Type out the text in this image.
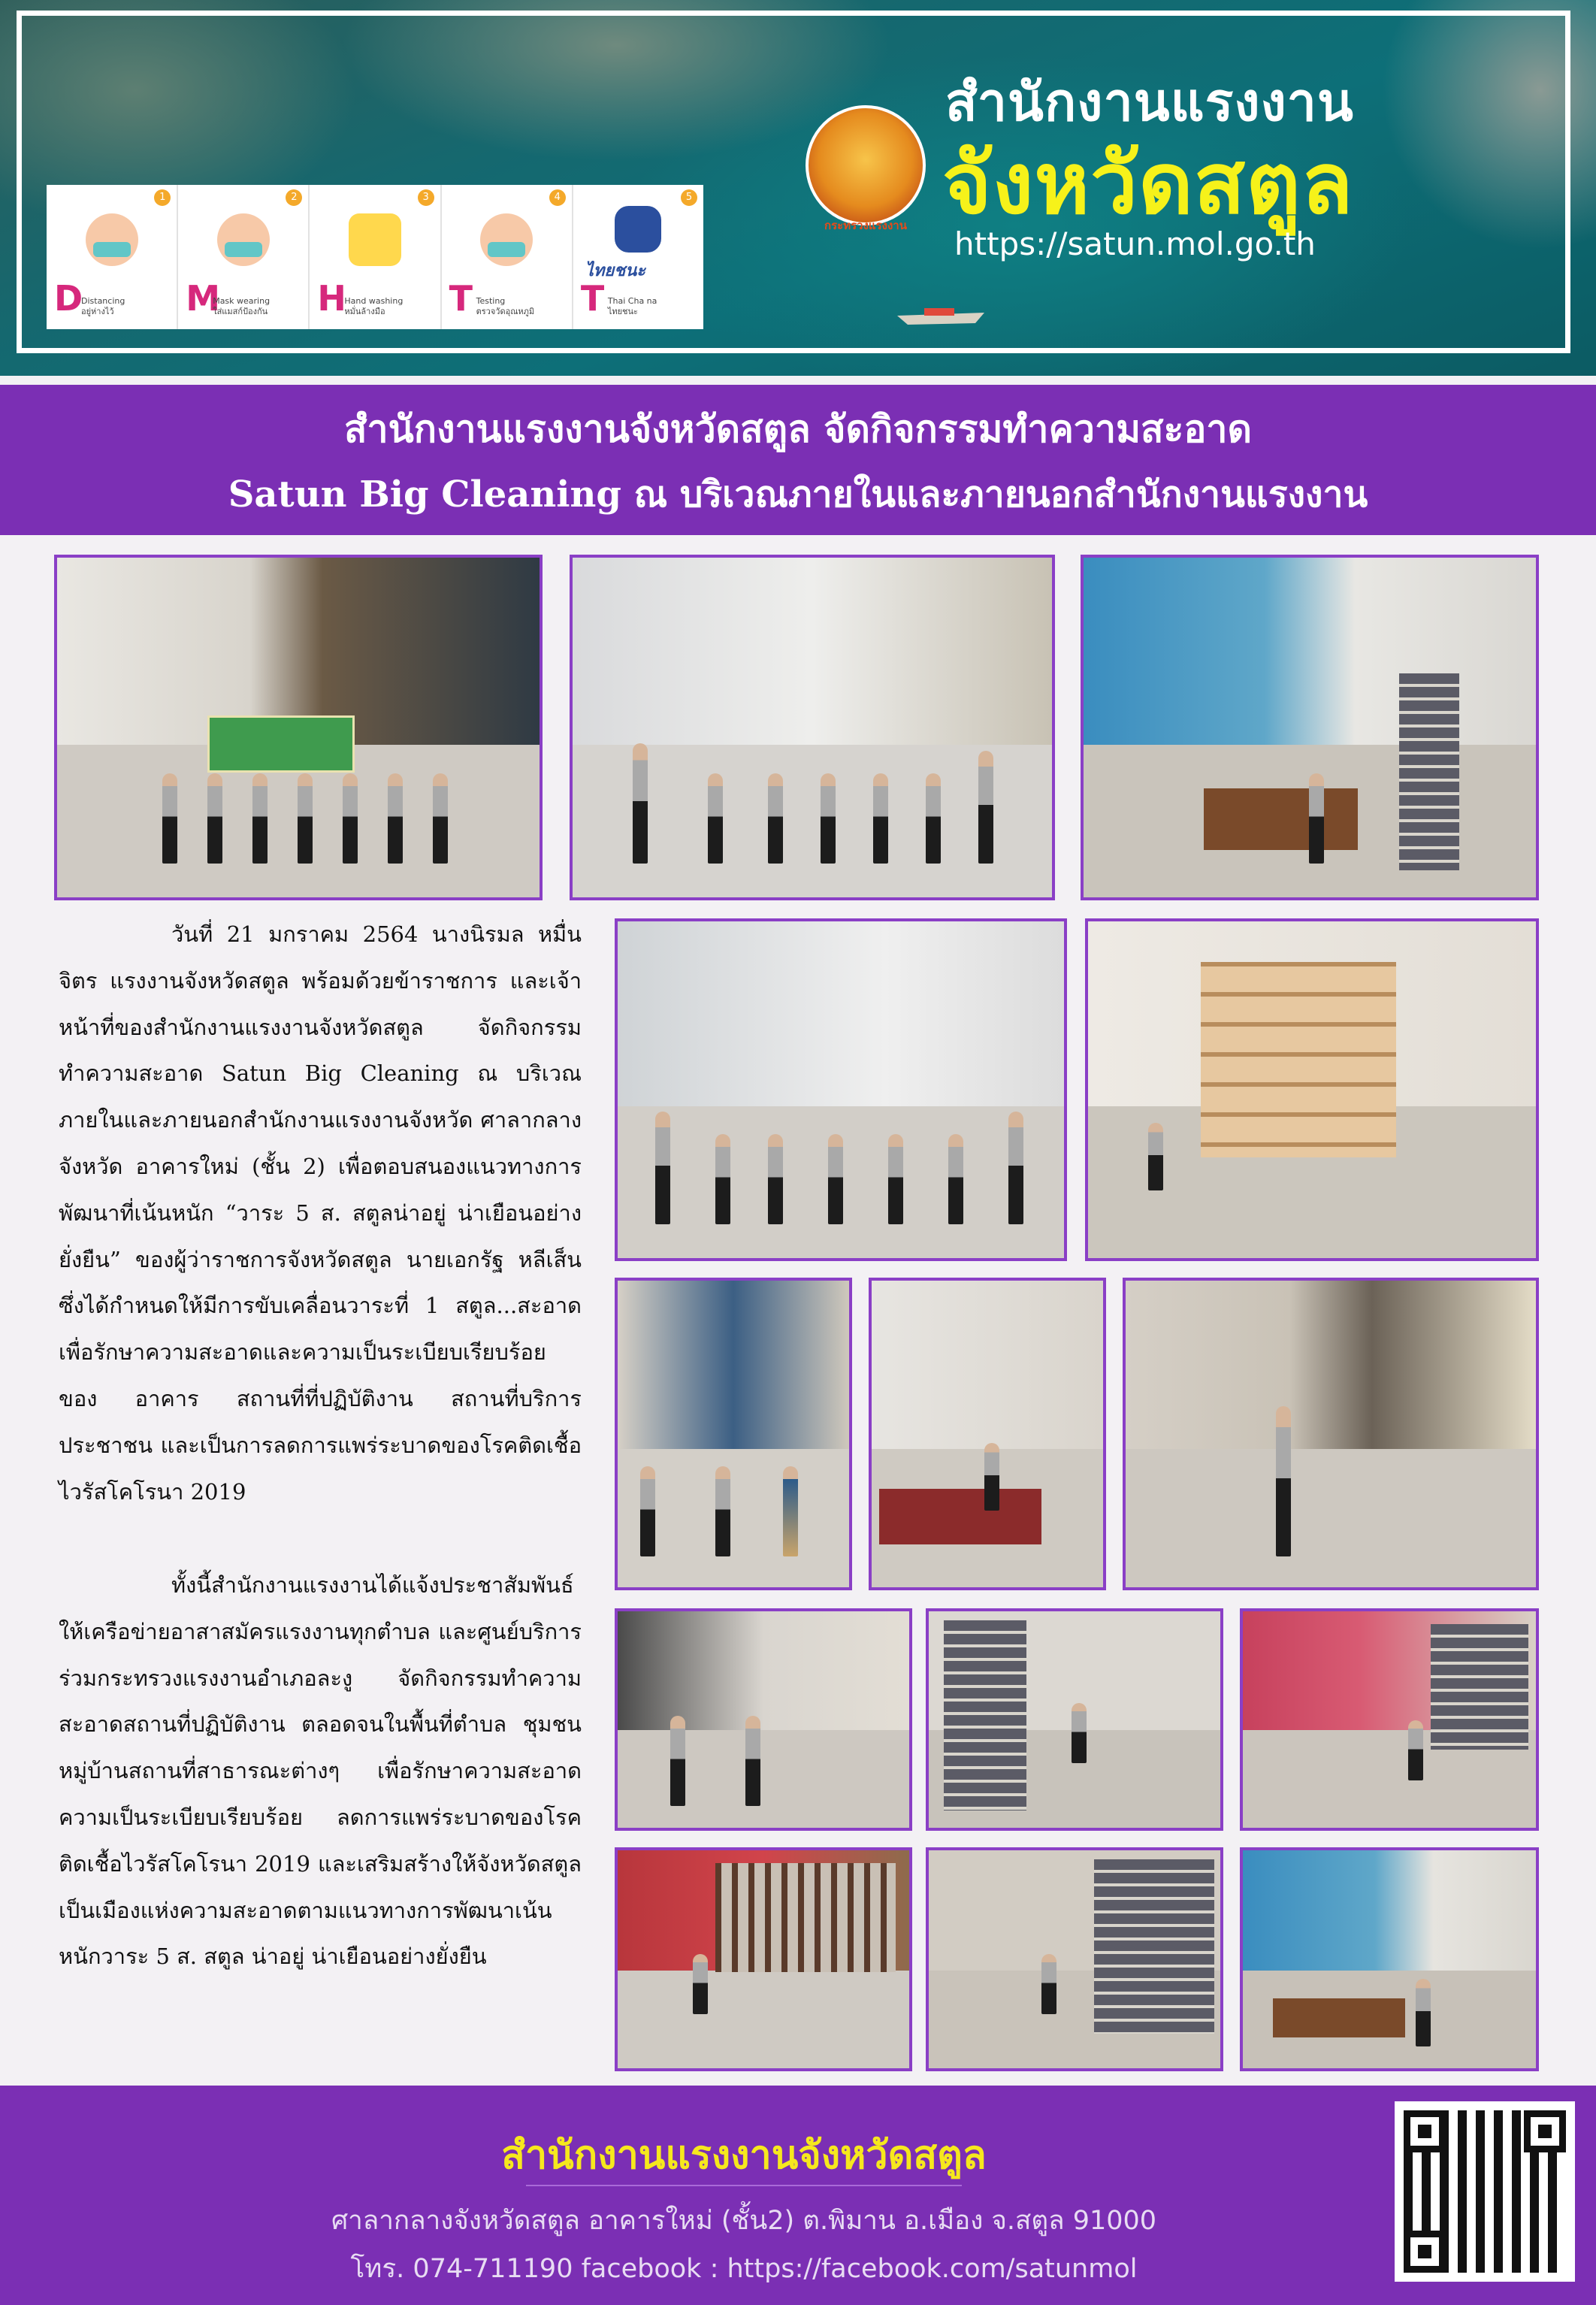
1
D
Distancing
อยู่ห่างไว้
2
M
Mask wearing
ใส่แมสก์ป้องกัน
3
H
Hand washing
หมั่นล้างมือ
4
T Testing
ตรวจวัดอุณหภูมิ
5
ไทยชนะ
T Thai Cha na
ไทยชนะ
กระทรวงแรงงาน
สำนักงานแรงงาน
จังหวัดสตูล
https://satun.mol.go.th
สำนักงานแรงงานจังหวัดสตูล จัดกิจกรรมทำความสะอาด
Satun Big Cleaning ณ บริเวณภายในและภายนอกสำนักงานแรงงาน

วันที่ 21 มกราคม 2564 นางนิรมล หมื่นจิตร แรงงานจังหวัดสตูล พร้อมด้วยข้าราชการ และเจ้าหน้าที่ของสำนักงานแรงงานจังหวัดสตูล จัดกิจกรรมทำความสะอาด Satun Big Cleaning ณ บริเวณภายในและภายนอกสำนักงานแรงงานจังหวัด ศาลากลางจังหวัด อาคารใหม่ (ชั้น 2) เพื่อตอบสนองแนวทางการพัฒนาที่เน้นหนัก “วาระ 5 ส. สตูลน่าอยู่ น่าเยือนอย่างยั่งยืน” ของผู้ว่าราชการจังหวัดสตูล นายเอกรัฐ หลีเส็น ซึ่งได้กำหนดให้มีการขับเคลื่อนวาระที่ 1 สตูล...สะอาด เพื่อรักษาความสะอาดและความเป็นระเบียบเรียบร้อยของ อาคาร สถานที่ที่ปฏิบัติงาน สถานที่บริการประชาชน และเป็นการลดการแพร่ระบาดของโรคติดเชื้อไวรัสโคโรนา 2019

ทั้งนี้สำนักงานแรงงานได้แจ้งประชาสัมพันธ์ให้เครือข่ายอาสาสมัครแรงงานทุกตำบล และศูนย์บริการร่วมกระทรวงแรงงานอำเภอละงู จัดกิจกรรมทำความสะอาดสถานที่ปฏิบัติงาน ตลอดจนในพื้นที่ตำบล ชุมชน หมู่บ้านสถานที่สาธารณะต่างๆ เพื่อรักษาความสะอาดความเป็นระเบียบเรียบร้อย ลดการแพร่ระบาดของโรคติดเชื้อไวรัสโคโรนา 2019 และเสริมสร้างให้จังหวัดสตูล เป็นเมืองแห่งความสะอาดตามแนวทางการพัฒนาเน้นหนักวาระ 5 ส. สตูล น่าอยู่ น่าเยือนอย่างยั่งยืน

สำนักงานแรงงานจังหวัดสตูล
ศาลากลางจังหวัดสตูล อาคารใหม่ (ชั้น2) ต.พิมาน อ.เมือง จ.สตูล 91000
โทร. 074-711190 facebook : https://facebook.com/satunmol
